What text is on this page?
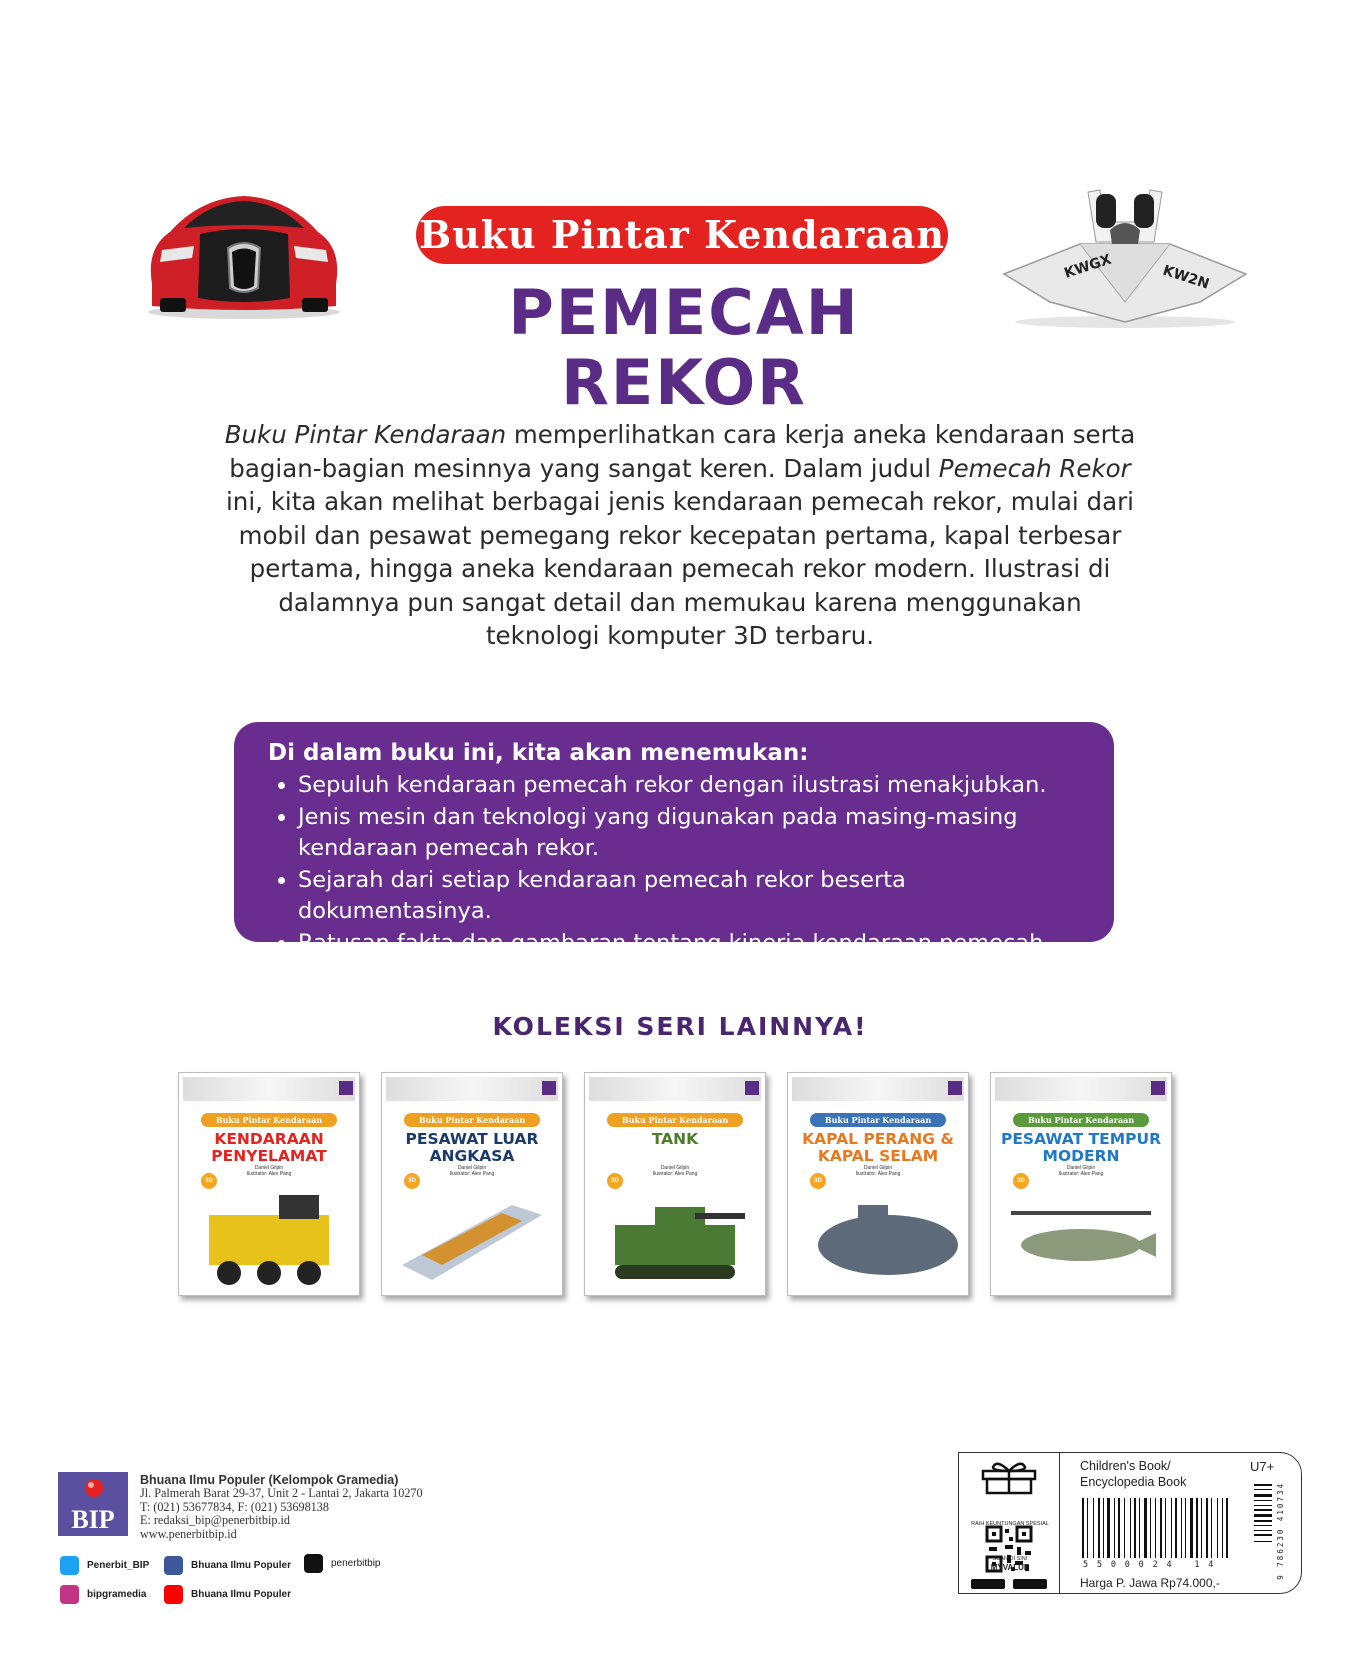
Buku Pintar Kendaraan
PEMECAH REKOR
KWGX	KW2N
Buku Pintar Kendaraan memperlihatkan cara kerja aneka kendaraan serta bagian-bagian mesinnya yang sangat keren. Dalam judul Pemecah Rekor ini, kita akan melihat berbagai jenis kendaraan pemecah rekor, mulai dari mobil dan pesawat pemegang rekor kecepatan pertama, kapal terbesar pertama, hingga aneka kendaraan pemecah rekor modern. Ilustrasi di dalamnya pun sangat detail dan memukau karena menggunakan teknologi komputer 3D terbaru.
Di dalam buku ini, kita akan menemukan:
• Sepuluh kendaraan pemecah rekor dengan ilustrasi menakjubkan.
• Jenis mesin dan teknologi yang digunakan pada masing-masing kendaraan pemecah rekor.
• Sejarah dari setiap kendaraan pemecah rekor beserta dokumentasinya.
• Ratusan fakta dan gambaran tentang kinerja kendaraan pemecah rekor.
KOLEKSI SERI LAINNYA!
Buku Pintar Kendaraan
KENDARAAN PENYELAMAT
Daniel Gilpin
Ilustrator: Alex Pang
3D
Buku Pintar Kendaraan
PESAWAT LUAR ANGKASA
Daniel Gilpin
Ilustrator: Alex Pang
3D
Buku Pintar Kendaraan
TANK
Daniel Gilpin
Ilustrator: Alex Pang
3D
Buku Pintar Kendaraan
KAPAL PERANG & KAPAL SELAM
Daniel Gilpin
Ilustrator: Alex Pang
3D
Buku Pintar Kendaraan
PESAWAT TEMPUR MODERN
Daniel Gilpin
Ilustrator: Alex Pang
3D
BIP
Bhuana Ilmu Populer (Kelompok Gramedia)
Jl. Palmerah Barat 29-37, Unit 2 - Lantai 2, Jakarta 10270
T: (021) 53677834, F: (021) 53698138
E: redaksi_bip@penerbitbip.id
www.penerbitbip.id
Penerbit_BIP	Bhuana Ilmu Populer	penerbitbip
bipgramedia	Bhuana Ilmu Populer
RAIH KEUNTUNGAN SPESIAL
SCAN DI SINI
MYVALUE
Children's Book/
Encyclopedia Book
U7+
5500024 14	9 786230 410734
Harga P. Jawa Rp74.000,-
